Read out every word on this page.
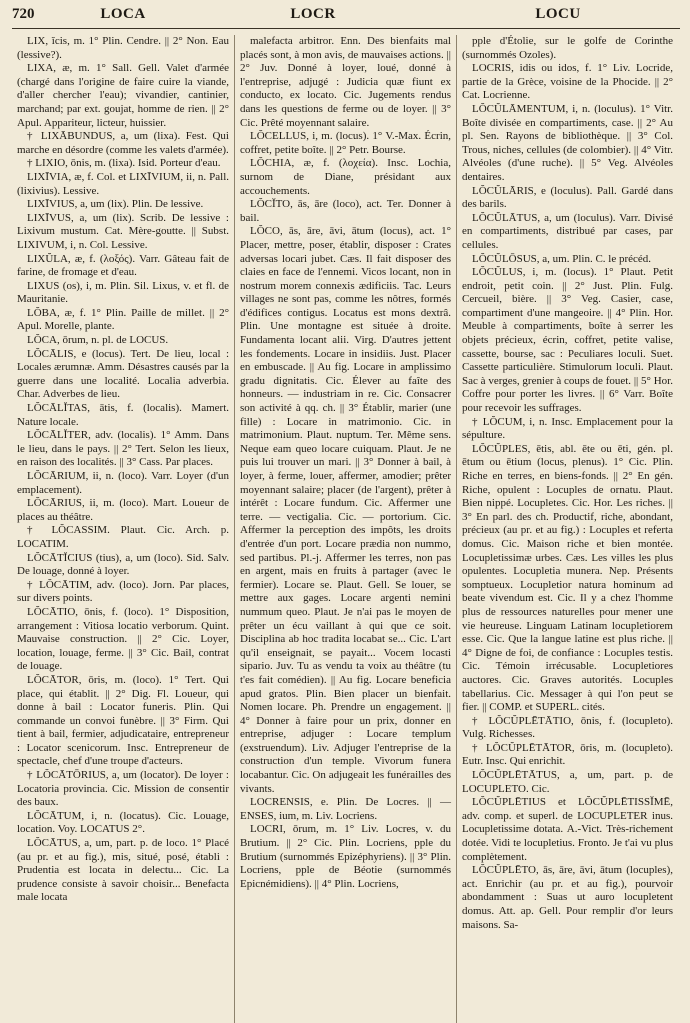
720	LOCA	LOCR	LOCU

LIX, ĭcis, m. 1° Plin. Cendre. || 2° Non. Eau (lessive?).

LIXA, æ, m. 1° Sall. Gell. Valet d'armée (chargé dans l'origine de faire cuire la viande, d'aller chercher l'eau); vivandier, cantinier, marchand; par ext. goujat, homme de rien. || 2° Apul. Appariteur, licteur, huissier.

† LIXĀBUNDUS, a, um (lixa). Fest. Qui marche en désordre (comme les valets d'armée).

† LIXIO, ōnis, m. (lixa). Isid. Porteur d'eau.

LIXĪVIA, æ, f. Col. et LIXĪVIUM, ii, n. Pall. (lixivius). Lessive.

LIXĪVIUS, a, um (lix). Plin. De lessive.

LIXĪVUS, a, um (lix). Scrib. De lessive : Lixivum mustum. Cat. Mère-goutte. || Subst. LIXIVUM, i, n. Col. Lessive.

LIXŬLA, æ, f. (λοξός). Varr. Gâteau fait de farine, de fromage et d'eau.

LIXUS (os), i, m. Plin. Sil. Lixus, v. et fl. de Mauritanie.

LŎBA, æ, f. 1° Plin. Paille de millet. || 2° Apul. Morelle, plante.

LŎCA, ōrum, n. pl. de LOCUS.

LŎCĀLIS, e (locus). Tert. De lieu, local : Locales ærumnæ. Amm. Désastres causés par la guerre dans une localité. Localia adverbia. Char. Adverbes de lieu.

LŎCĀLĬTAS, ātis, f. (localis). Mamert. Nature locale.

LŎCĀLĬTER, adv. (localis). 1° Amm. Dans le lieu, dans le pays. || 2° Tert. Selon les lieux, en raison des localités. || 3° Cass. Par places.

LŎCĀRIUM, ii, n. (loco). Varr. Loyer (d'un emplacement).

LŎCĀRIUS, ii, m. (loco). Mart. Loueur de places au théâtre.

† LŎCASSIM. Plaut. Cic. Arch. p. LOCATIM.

LŎCĀTĬCIUS (tius), a, um (loco). Sid. Salv. De louage, donné à loyer.

† LŎCĀTIM, adv. (loco). Jorn. Par places, sur divers points.

LŎCĀTIO, ōnis, f. (loco). 1° Disposition, arrangement : Vitiosa locatio verborum. Quint. Mauvaise construction. || 2° Cic. Loyer, location, louage, ferme. || 3° Cic. Bail, contrat de louage.

LŎCĀTOR, ōris, m. (loco). 1° Tert. Qui place, qui établit. || 2° Dig. Fl. Loueur, qui donne à bail : Locator funeris. Plin. Qui commande un convoi funèbre. || 3° Firm. Qui tient à bail, fermier, adjudicataire, entrepreneur : Locator scenicorum. Insc. Entrepreneur de spectacle, chef d'une troupe d'acteurs.

† LŎCĀTŌRIUS, a, um (locator). De loyer : Locatoria provincia. Cic. Mission de consentir des baux.

LŎCĀTUM, i, n. (locatus). Cic. Louage, location. Voy. LOCATUS 2°.

LŎCĀTUS, a, um, part. p. de loco. 1° Placé (au pr. et au fig.), mis, situé, posé, établi : Prudentia est locata in delectu... Cic. La prudence consiste à savoir choisir... Benefacta male locata

malefacta arbitror. Enn. Des bienfaits mal placés sont, à mon avis, de mauvaises actions. || 2° Juv. Donné à loyer, loué, donné à l'entreprise, adjugé : Judicia quæ fiunt ex conducto, ex locato. Cic. Jugements rendus dans les questions de ferme ou de loyer. || 3° Cic. Prêté moyennant salaire.

LŎCELLUS, i, m. (locus). 1° V.-Max. Écrin, coffret, petite boîte. || 2° Petr. Bourse.

LŎCHIA, æ, f. (λοχεία). Insc. Lochia, surnom de Diane, présidant aux accouchements.

LŎCĬTO, ās, āre (loco), act. Ter. Donner à bail.

LŎCO, ās, āre, āvi, ātum (locus), act. 1° Placer, mettre, poser, établir, disposer : Crates adversas locari jubet. Cæs. Il fait disposer des claies en face de l'ennemi. Vicos locant, non in nostrum morem connexis ædificiis. Tac. Leurs villages ne sont pas, comme les nôtres, formés d'édifices contigus. Locatus est mons dextrâ. Plin. Une montagne est située à droite. Fundamenta locant alii. Virg. D'autres jettent les fondements. Locare in insidiis. Just. Placer en embuscade. || Au fig. Locare in amplissimo gradu dignitatis. Cic. Élever au faîte des honneurs. — industriam in re. Cic. Consacrer son activité à qq. ch. || 3° Établir, marier (une fille) : Locare in matrimonio. Cic. in matrimonium. Plaut. nuptum. Ter. Même sens. Neque eam queo locare cuiquam. Plaut. Je ne puis lui trouver un mari. || 3° Donner à bail, à loyer, à ferme, louer, affermer, amodier; prêter moyennant salaire; placer (de l'argent), prêter à intérêt : Locare fundum. Cic. Affermer une terre. — vectigalia. Cic. — portorium. Cic. Affermer la perception des impôts, les droits d'entrée d'un port. Locare prædia non nummo, sed partibus. Pl.-j. Affermer les terres, non pas en argent, mais en fruits à partager (avec le fermier). Locare se. Plaut. Gell. Se louer, se mettre aux gages. Locare argenti nemini nummum queo. Plaut. Je n'ai pas le moyen de prêter un écu vaillant à qui que ce soit. Disciplina ab hoc tradita locabat se... Cic. L'art qu'il enseignait, se payait... Vocem locasti sipario. Juv. Tu as vendu ta voix au théâtre (tu t'es fait comédien). || Au fig. Locare beneficia apud gratos. Plin. Bien placer un bienfait. Nomen locare. Ph. Prendre un engagement. || 4° Donner à faire pour un prix, donner en entreprise, adjuger : Locare templum (exstruendum). Liv. Adjuger l'entreprise de la construction d'un temple. Vivorum funera locabantur. Cic. On adjugeait les funérailles des vivants.

LOCRENSIS, e. Plin. De Locres. || — ENSES, ium, m. Liv. Locriens.

LOCRI, ōrum, m. 1° Liv. Locres, v. du Brutium. || 2° Cic. Plin. Locriens, pple du Brutium (surnommés Epizéphyriens). || 3° Plin. Locriens, pple de Béotie (surnommés Epicnémidiens). || 4° Plin. Locriens,

pple d'Étolie, sur le golfe de Corinthe (surnommés Ozoles).

LOCRIS, idis ou idos, f. 1° Liv. Locride, partie de la Grèce, voisine de la Phocide. || 2° Cat. Locrienne.

LŎCŬLĀMENTUM, i, n. (loculus). 1° Vitr. Boîte divisée en compartiments, case. || 2° Au pl. Sen. Rayons de bibliothèque. || 3° Col. Trous, niches, cellules (de colombier). || 4° Vitr. Alvéoles (d'une ruche). || 5° Veg. Alvéoles dentaires.

LŎCŬLĀRIS, e (loculus). Pall. Gardé dans des barils.

LŎCŬLĀTUS, a, um (loculus). Varr. Divisé en compartiments, distribué par cases, par cellules.

LŎCŬLŌSUS, a, um. Plin. C. le précéd.

LŎCŬLUS, i, m. (locus). 1° Plaut. Petit endroit, petit coin. || 2° Just. Plin. Fulg. Cercueil, bière. || 3° Veg. Casier, case, compartiment d'une mangeoire. || 4° Plin. Hor. Meuble à compartiments, boîte à serrer les objets précieux, écrin, coffret, petite valise, cassette, bourse, sac : Peculiares loculi. Suet. Cassette particulière. Stimulorum loculi. Plaut. Sac à verges, grenier à coups de fouet. || 5° Hor. Coffre pour porter les livres. || 6° Varr. Boîte pour recevoir les suffrages.

† LŎCUM, i, n. Insc. Emplacement pour la sépulture.

LŎCŬPLES, ētis, abl. ēte ou ēti, gén. pl. ētum ou ētium (locus, plenus). 1° Cic. Plin. Riche en terres, en biens-fonds. || 2° En gén. Riche, opulent : Locuples de ornatu. Plaut. Bien nippé. Locupletes. Cic. Hor. Les riches. || 3° En parl. des ch. Productif, riche, abondant, précieux (au pr. et au fig.) : Locuples et referta domus. Cic. Maison riche et bien montée. Locupletissimæ urbes. Cæs. Les villes les plus opulentes. Locupletia munera. Nep. Présents somptueux. Locupletior natura hominum ad beate vivendum est. Cic. Il y a chez l'homme plus de ressources naturelles pour mener une vie heureuse. Linguam Latinam locupletiorem esse. Cic. Que la langue latine est plus riche. || 4° Digne de foi, de confiance : Locuples testis. Cic. Témoin irrécusable. Locupletiores auctores. Cic. Graves autorités. Locuples tabellarius. Cic. Messager à qui l'on peut se fier. || COMP. et SUPERL. cités.

† LŎCŬPLĒTĀTIO, ōnis, f. (locupleto). Vulg. Richesses.

† LŎCŬPLĒTĀTOR, ōris, m. (locupleto). Eutr. Insc. Qui enrichit.

LŎCŬPLĒTĀTUS, a, um, part. p. de LOCUPLETO. Cic.

LŎCŬPLĒTIUS et LŎCŬPLĒTISSĬMĒ, adv. comp. et superl. de LOCUPLETER inus. Locupletissime dotata. A.-Vict. Très-richement dotée. Vidi te locupletius. Fronto. Je t'ai vu plus complètement.

LŎCŬPLĒTO, ās, āre, āvi, ātum (locuples), act. Enrichir (au pr. et au fig.), pourvoir abondamment : Suas ut auro locupletent domus. Att. ap. Gell. Pour remplir d'or leurs maisons. Sa-
